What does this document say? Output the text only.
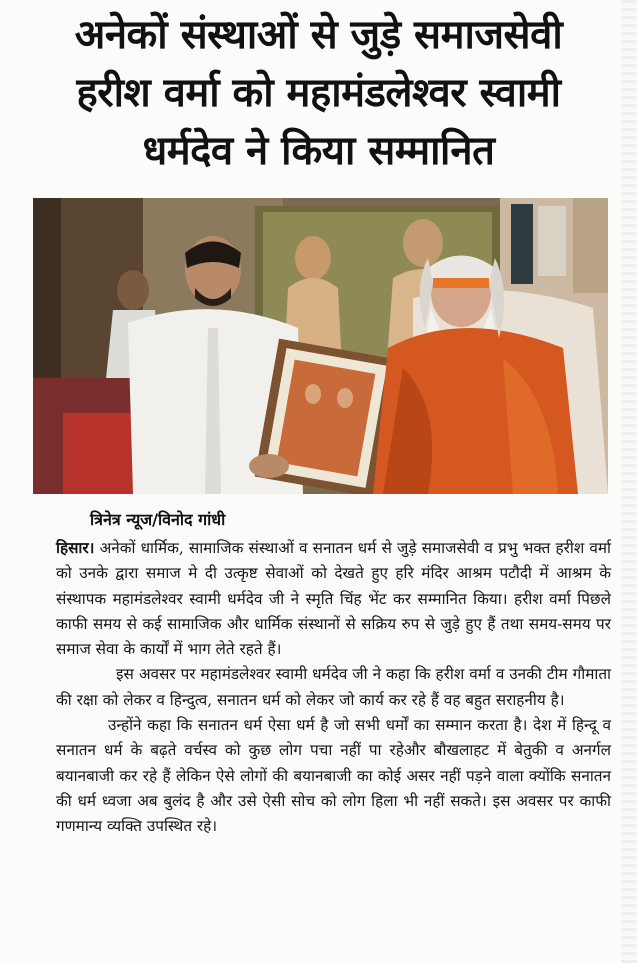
अनेकों संस्थाओं से जुड़े समाजसेवी
हरीश वर्मा को महामंडलेश्वर स्वामी
धर्मदेव ने किया सम्मानित
त्रिनेत्र न्यूज/विनोद गांधी

हिसार। अनेकों धार्मिक, सामाजिक संस्थाओं व सनातन धर्म से जुड़े समाजसेवी व प्रभु भक्त हरीश वर्मा को उनके द्वारा समाज मे दी उत्कृष्ट सेवाओं को देखते हुए हरि मंदिर आश्रम पटौदी में आश्रम के संस्थापक महामंडलेश्वर स्वामी धर्मदेव जी ने स्मृति चिंह भेंट कर सम्मानित किया। हरीश वर्मा पिछले काफी समय से कई सामाजिक और धार्मिक संस्थानों से सक्रिय रुप से जुड़े हुए हैं तथा समय-समय पर समाज सेवा के कार्यों में भाग लेते रहते हैं।

इस अवसर पर महामंडलेश्वर स्वामी धर्मदेव जी ने कहा कि हरीश वर्मा व उनकी टीम गौमाता की रक्षा को लेकर व हिन्दुत्व, सनातन धर्म को लेकर जो कार्य कर रहे हैं वह बहुत सराहनीय है।

उन्होंने कहा कि सनातन धर्म ऐसा धर्म है जो सभी धर्मों का सम्मान करता है। देश में हिन्दू व सनातन धर्म के बढ़ते वर्चस्व को कुछ लोग पचा नहीं पा रहेऔर बौखलाहट में बेतुकी व अनर्गल बयानबाजी कर रहे हैं लेकिन ऐसे लोगों की बयानबाजी का कोई असर नहीं पड़ने वाला क्योंकि सनातन की धर्म ध्वजा अब बुलंद है और उसे ऐसी सोच को लोग हिला भी नहीं सकते। इस अवसर पर काफी गणमान्य व्यक्ति उपस्थित रहे।
